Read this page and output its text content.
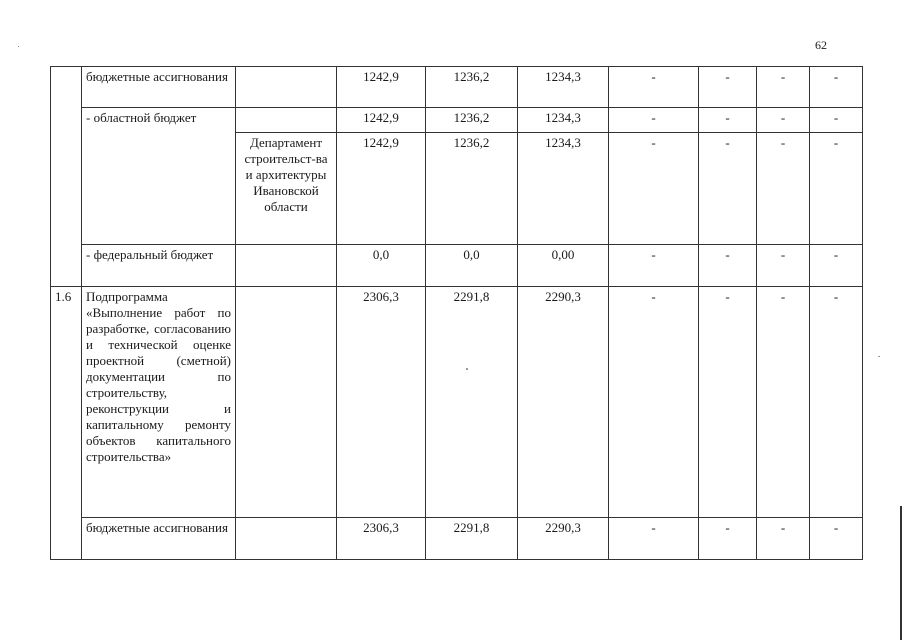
62
	бюджетные ассигнования		1242,9	1236,2	1234,3	-	-	-	-
	- областной бюджет		1242,9	1236,2	1234,3	-	-	-	-
		Департамент строительст-ва и архитектуры Ивановской области	1242,9	1236,2	1234,3	-	-	-	-
	- федеральный бюджет		0,0	0,0	0,00	-	-	-	-
1.6	Подпрограмма «Выполнение работ по разработке, согласованию и технической оценке проектной (сметной) документации по строительству, реконструкции и капитальному ремонту объектов капитального строительства»		2306,3	2291,8	2290,3	-	-	-	-
	бюджетные ассигнования		2306,3	2291,8	2290,3	-	-	-	-
